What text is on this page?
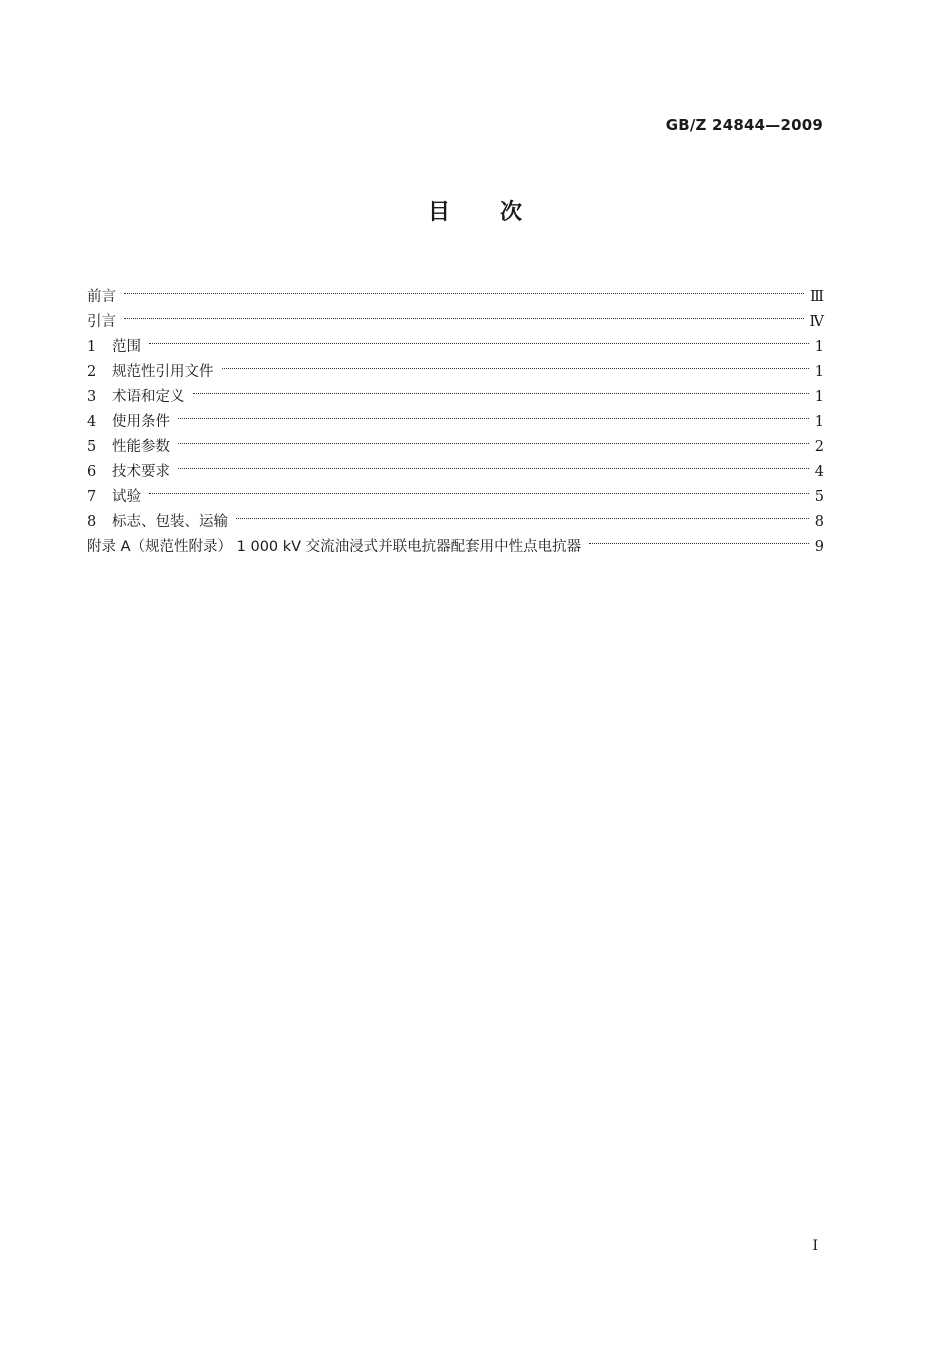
GB/Z 24844—2009
目 次
前言	Ⅲ
引言	Ⅳ
1	范围	1
2	规范性引用文件	1
3	术语和定义	1
4	使用条件	1
5	性能参数	2
6	技术要求	4
7	试验	5
8	标志、包装、运输	8
附录 A（规范性附录） 1 000 kV 交流油浸式并联电抗器配套用中性点电抗器	9
I
